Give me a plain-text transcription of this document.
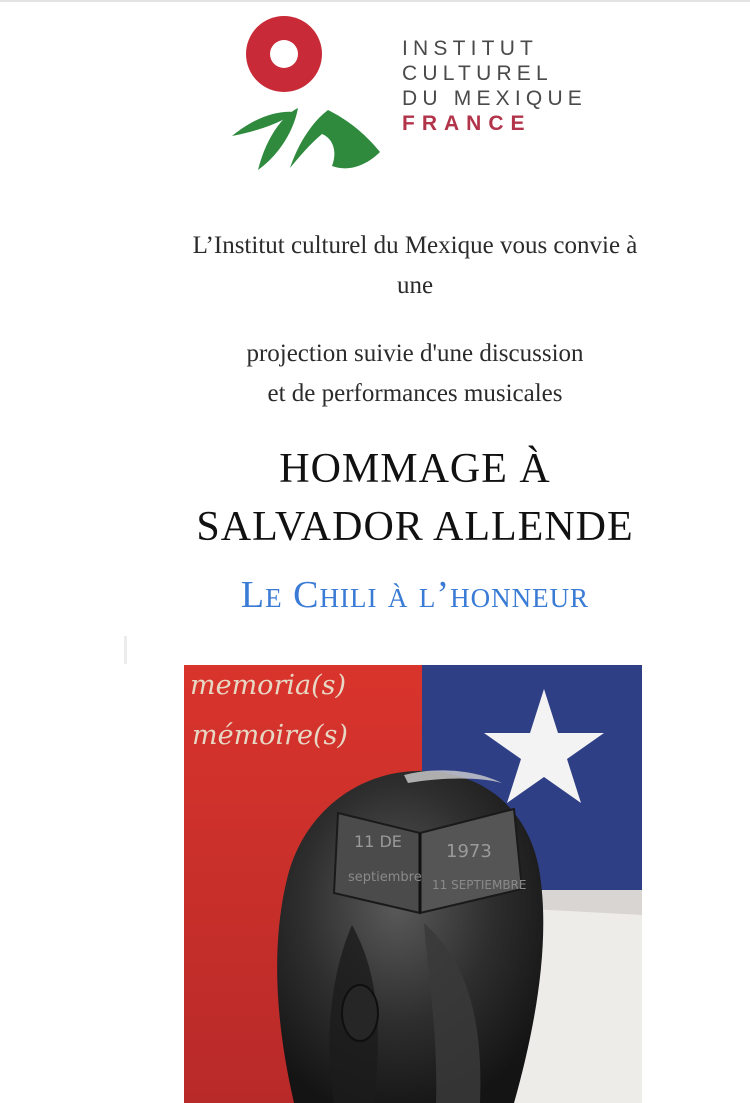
INSTITUT
CULTUREL
DU MEXIQUE
FRANCE
L’Institut culturel du Mexique vous convie à
une
projection suivie d'une discussion
et de performances musicales
HOMMAGE À
SALVADOR ALLENDE
Le Chili à l’honneur
11 DE 1973
septiembre 11 SEPTIEMBRE
memoria(s)
mémoire(s)
